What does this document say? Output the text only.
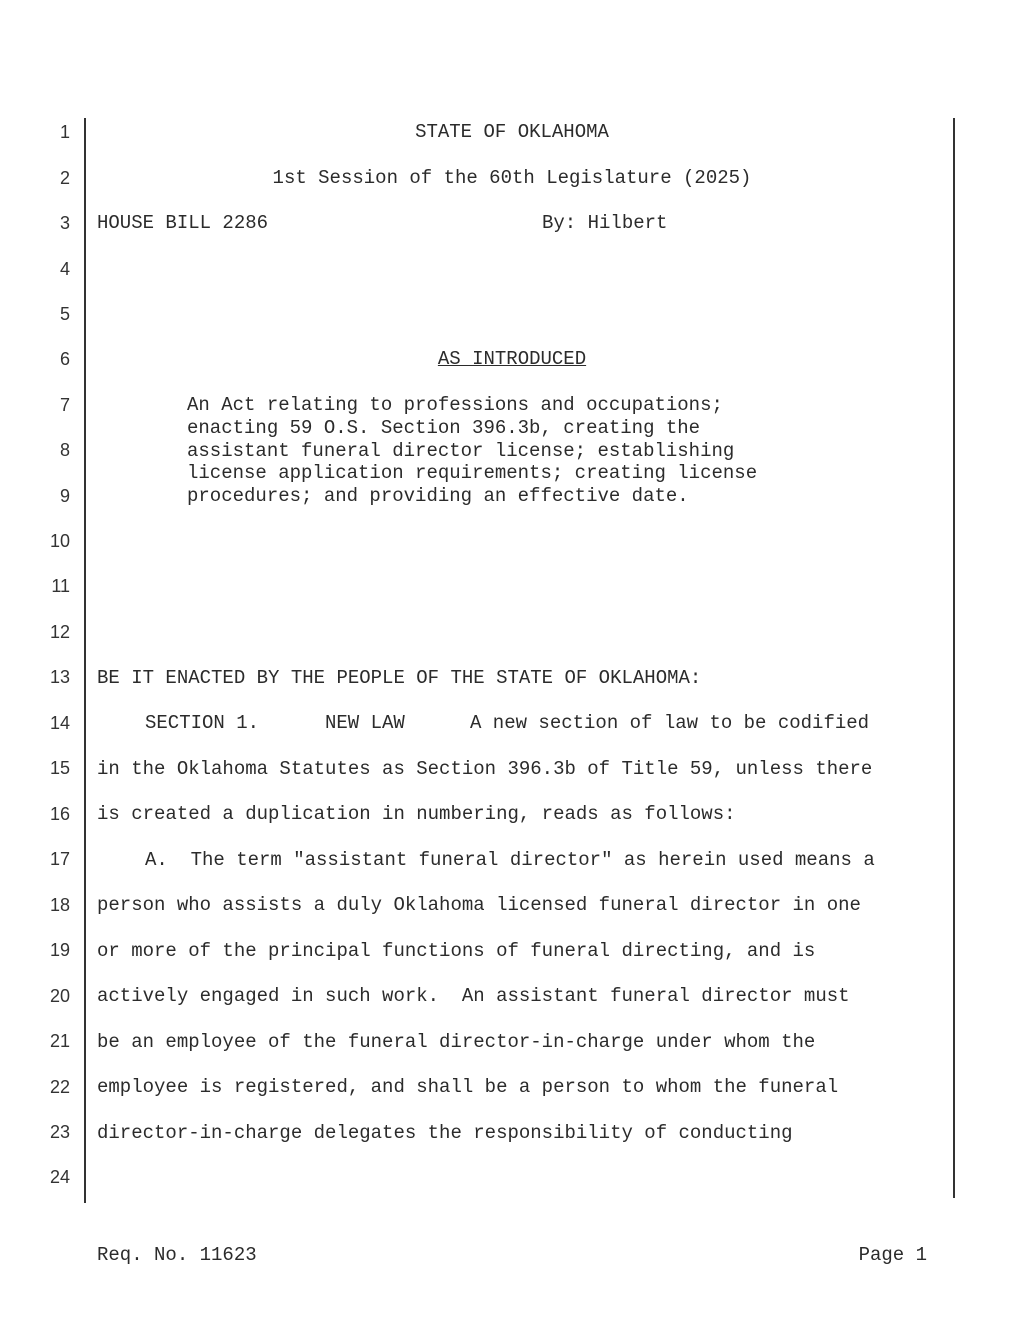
1
2
3
4
5
6
7
8
9
10
11
12
13
14
15
16
17
18
19
20
21
22
23
24
STATE OF OKLAHOMA
1st Session of the 60th Legislature (2025)
HOUSE BILL 2286	By: Hilbert
AS INTRODUCED
An Act relating to professions and occupations;
enacting 59 O.S. Section 396.3b, creating the
assistant funeral director license; establishing
license application requirements; creating license
procedures; and providing an effective date.
BE IT ENACTED BY THE PEOPLE OF THE STATE OF OKLAHOMA:
SECTION 1.	NEW LAW	A new section of law to be codified
in the Oklahoma Statutes as Section 396.3b of Title 59, unless there
is created a duplication in numbering, reads as follows:
A.  The term "assistant funeral director" as herein used means a
person who assists a duly Oklahoma licensed funeral director in one
or more of the principal functions of funeral directing, and is
actively engaged in such work.  An assistant funeral director must
be an employee of the funeral director-in-charge under whom the
employee is registered, and shall be a person to whom the funeral
director-in-charge delegates the responsibility of conducting
Req. No. 11623	Page 1
